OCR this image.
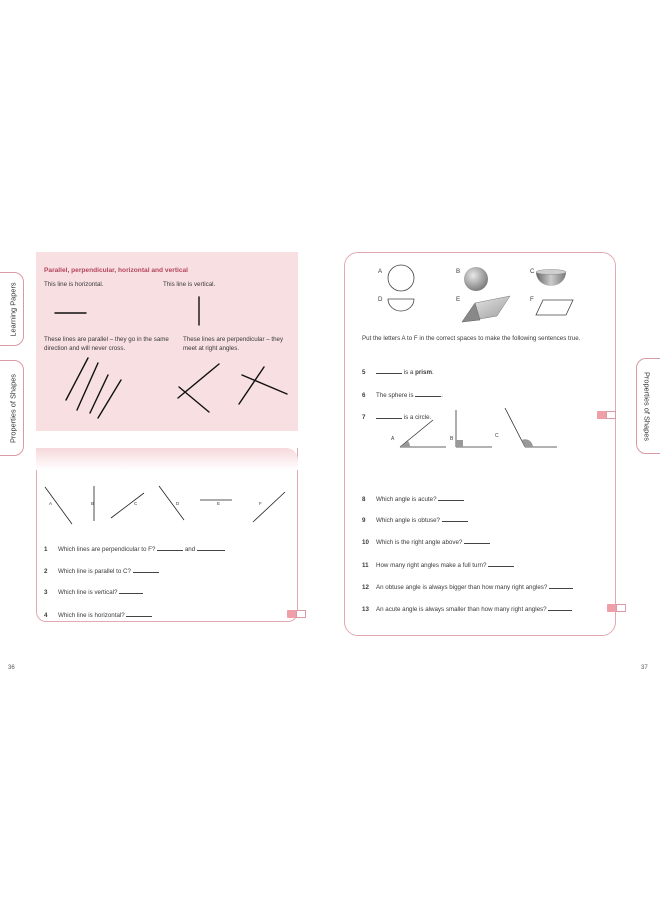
Learning Papers
Properties of Shapes	Properties of Shapes
Parallel, perpendicular, horizontal and vertical
This line is horizontal.	This line is vertical.
These lines are parallel – they go in the same direction and will never cross.
These lines are perpendicular – they meet at right angles.
A	B	C	D	E	F
1 Which lines are perpendicular to F?	and
2 Which line is parallel to C?
3 Which line is vertical?
4 Which line is horizontal?
A	B	C
D	E	F
Put the letters A to F in the correct spaces to make the following sentences true.
5	is a prism.
6 The sphere is	.
7	is a circle.
A	B	C
8 Which angle is acute?
9 Which angle is obtuse?
10 Which is the right angle above?
11 How many right angles make a full turn?
12 An obtuse angle is always bigger than how many right angles?
13 An acute angle is always smaller than how many right angles?
36	37
